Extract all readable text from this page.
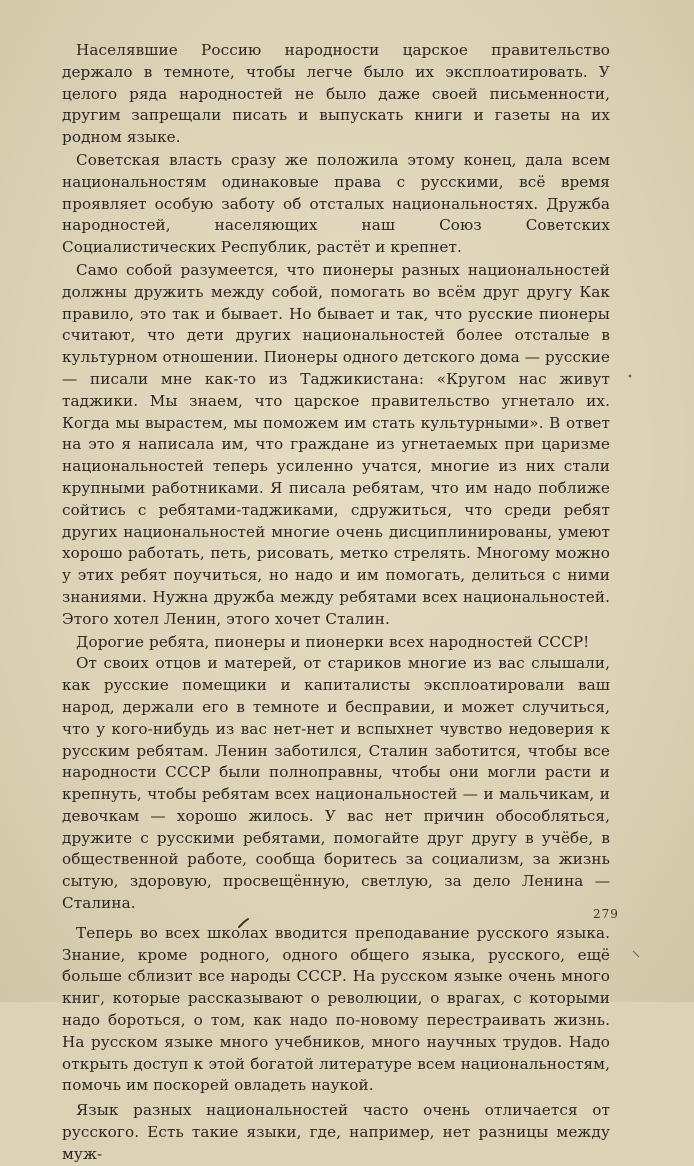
Населявшие Россию народности царское правительство держало в темноте, чтобы легче было их эксплоатировать. У целого ряда народностей не было даже своей письменности, другим запрещали писать и выпускать книги и газеты на их родном языке.

Советская власть сразу же положила этому конец, дала всем национальностям одинаковые права с русскими, всё время проявляет особую заботу об отсталых национальностях. Дружба народностей, населяющих наш Союз Советских Социалистических Республик, растёт и крепнет.

Само собой разумеется, что пионеры разных национальностей должны дружить между собой, помогать во всём друг другу Как правило, это так и бывает. Но бывает и так, что русские пионеры считают, что дети других национальностей более отсталые в культурном отношении. Пионеры одного детского дома — русские — писали мне как-то из Таджикистана: «Кругом нас живут таджики. Мы знаем, что царское правительство угнетало их. Когда мы вырастем, мы поможем им стать культурными». В ответ на это я написала им, что граждане из угнетаемых при царизме национальностей теперь усиленно учатся, многие из них стали крупными работниками. Я писала ребятам, что им надо поближе сойтись с ребятами-таджиками, сдружиться, что среди ребят других национальностей многие очень дисциплинированы, умеют хорошо работать, петь, рисовать, метко стрелять. Многому можно у этих ребят поучиться, но надо и им помогать, делиться с ними знаниями. Нужна дружба между ребятами всех национальностей. Этого хотел Ленин, этого хочет Сталин.

Дорогие ребята, пионеры и пионерки всех народностей СССР!

От своих отцов и матерей, от стариков многие из вас слышали, как русские помещики и капиталисты эксплоатировали ваш народ, держали его в темноте и бесправии, и может случиться, что у кого-нибудь из вас нет-нет и вспыхнет чувство недоверия к русским ребятам. Ленин заботился, Сталин заботится, чтобы все народности СССР были полноправны, чтобы они могли расти и крепнуть, чтобы ребятам всех национальностей — и мальчикам, и девочкам — хорошо жилось. У вас нет причин обособляться, дружите с русскими ребятами, помогайте друг другу в учёбе, в общественной работе, сообща боритесь за социализм, за жизнь сытую, здоровую, просвещённую, светлую, за дело Ленина — Сталина.

Теперь во всех школах вводится преподавание русского языка. Знание, кроме родного, одного общего языка, русского, ещё больше сблизит все народы СССР. На русском языке очень много книг, которые рассказывают о революции, о врагах, с которыми надо бороться, о том, как надо по-новому перестраивать жизнь. На русском языке много учебников, много научных трудов. Надо открыть доступ к этой богатой литературе всем национальностям, помочь им поскорей овладеть наукой.

Язык разных национальностей часто очень отличается от русского. Есть такие языки, где, например, нет разницы между муж-

279
